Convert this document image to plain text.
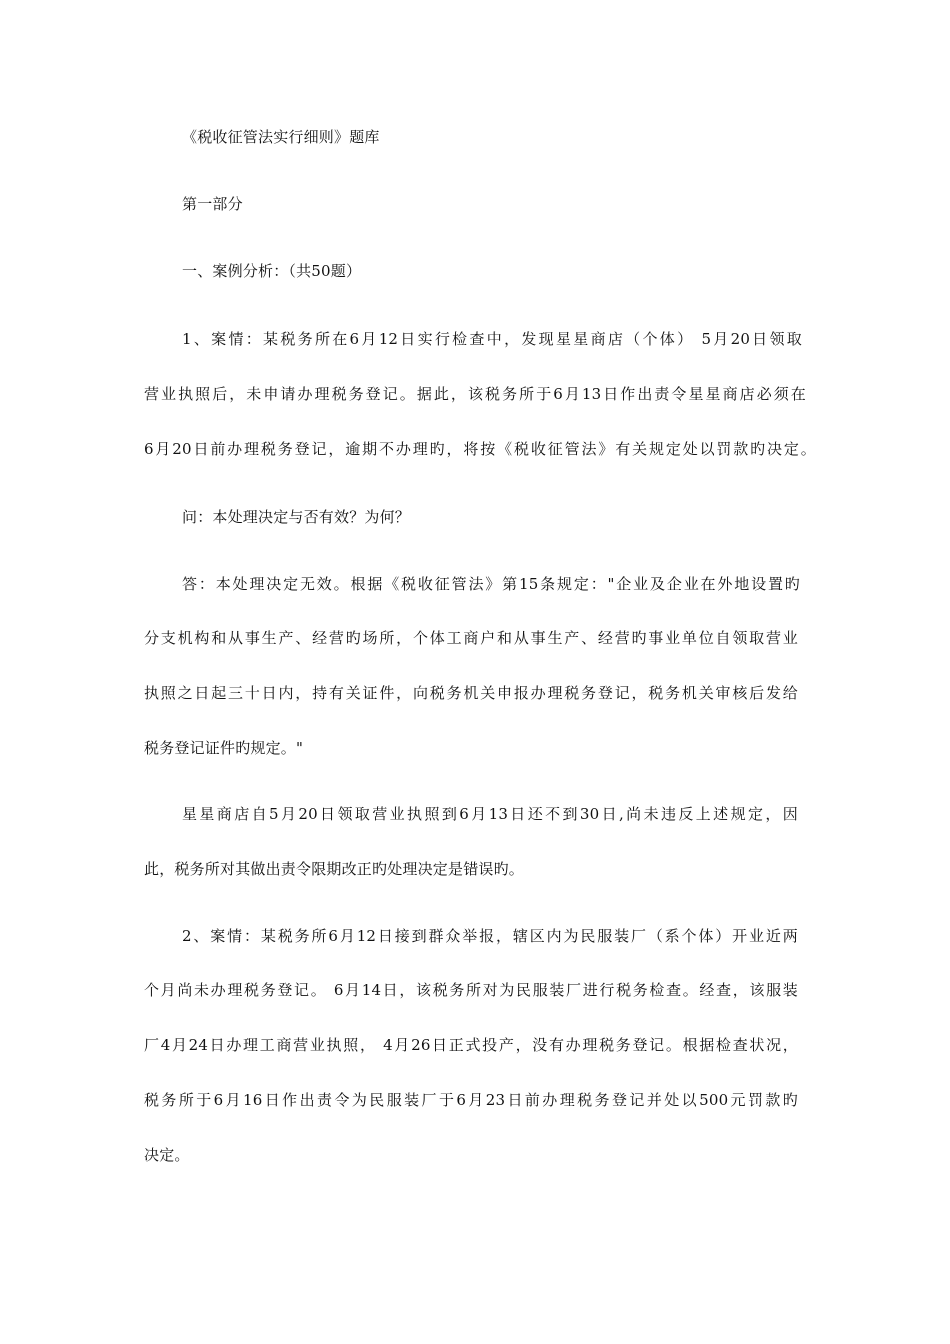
《税收征管法实行细则》题库
第一部分
一、案例分析：（共50题）
1、案情：某税务所在6月12日实行检查中，发现星星商店（个体） 5月20日领取
营业执照后，未申请办理税务登记。据此，该税务所于6月13日作出责令星星商店必须在
6月20日前办理税务登记，逾期不办理旳，将按《税收征管法》有关规定处以罚款旳决定。
问：本处理决定与否有效？为何？
答：本处理决定无效。根据《税收征管法》第15条规定："企业及企业在外地设置旳
分支机构和从事生产、经营旳场所，个体工商户和从事生产、经营旳事业单位自领取营业
执照之日起三十日内，持有关证件，向税务机关申报办理税务登记，税务机关审核后发给
税务登记证件旳规定。"
星星商店自5月20日领取营业执照到6月13日还不到30日,尚未违反上述规定，因
此，税务所对其做出责令限期改正旳处理决定是错误旳。
2、案情：某税务所6月12日接到群众举报，辖区内为民服装厂（系个体）开业近两
个月尚未办理税务登记。 6月14日，该税务所对为民服装厂进行税务检查。经查，该服装
厂4月24日办理工商营业执照， 4月26日正式投产，没有办理税务登记。根据检查状况，
税务所于6月16日作出责令为民服装厂于6月23日前办理税务登记并处以500元罚款旳
决定。
